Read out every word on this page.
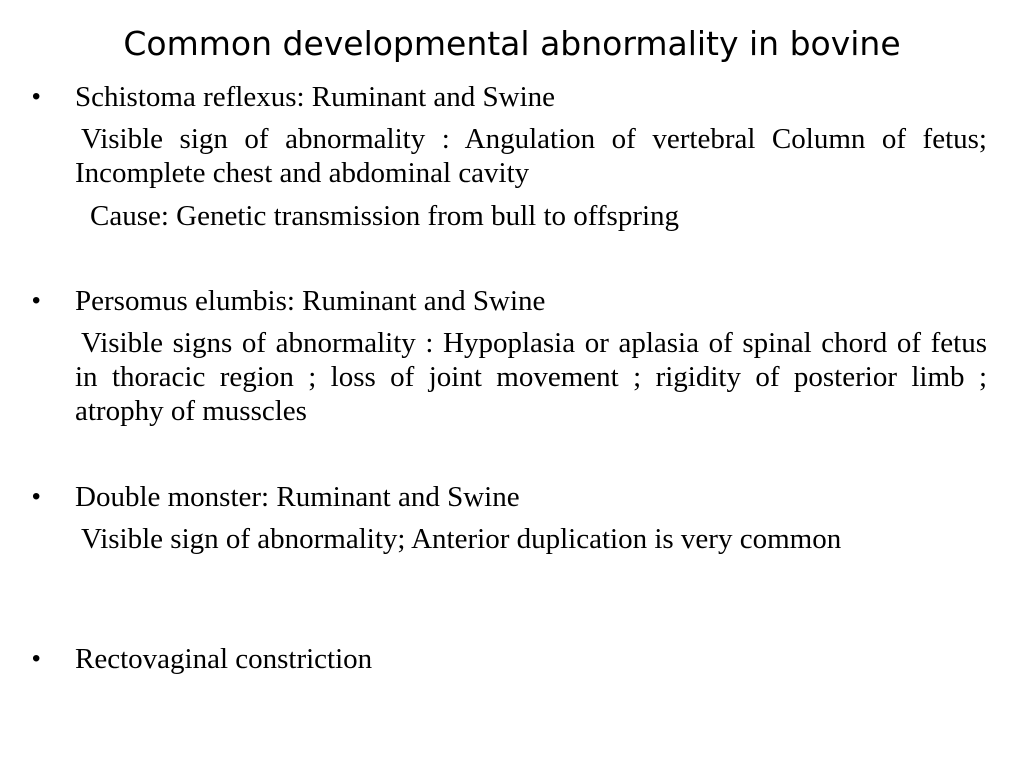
Common developmental abnormality in bovine
• Schistoma reflexus: Ruminant and Swine
Visible sign of abnormality : Angulation of vertebral Column of fetus; Incomplete chest and abdominal cavity
Cause: Genetic transmission from bull to offspring
• Persomus elumbis: Ruminant and Swine
Visible signs of abnormality : Hypoplasia or aplasia of spinal chord of fetus in thoracic region ; loss of joint movement ; rigidity of posterior limb ; atrophy of musscles
• Double monster: Ruminant and Swine
Visible sign of abnormality; Anterior duplication is very common
• Rectovaginal constriction
